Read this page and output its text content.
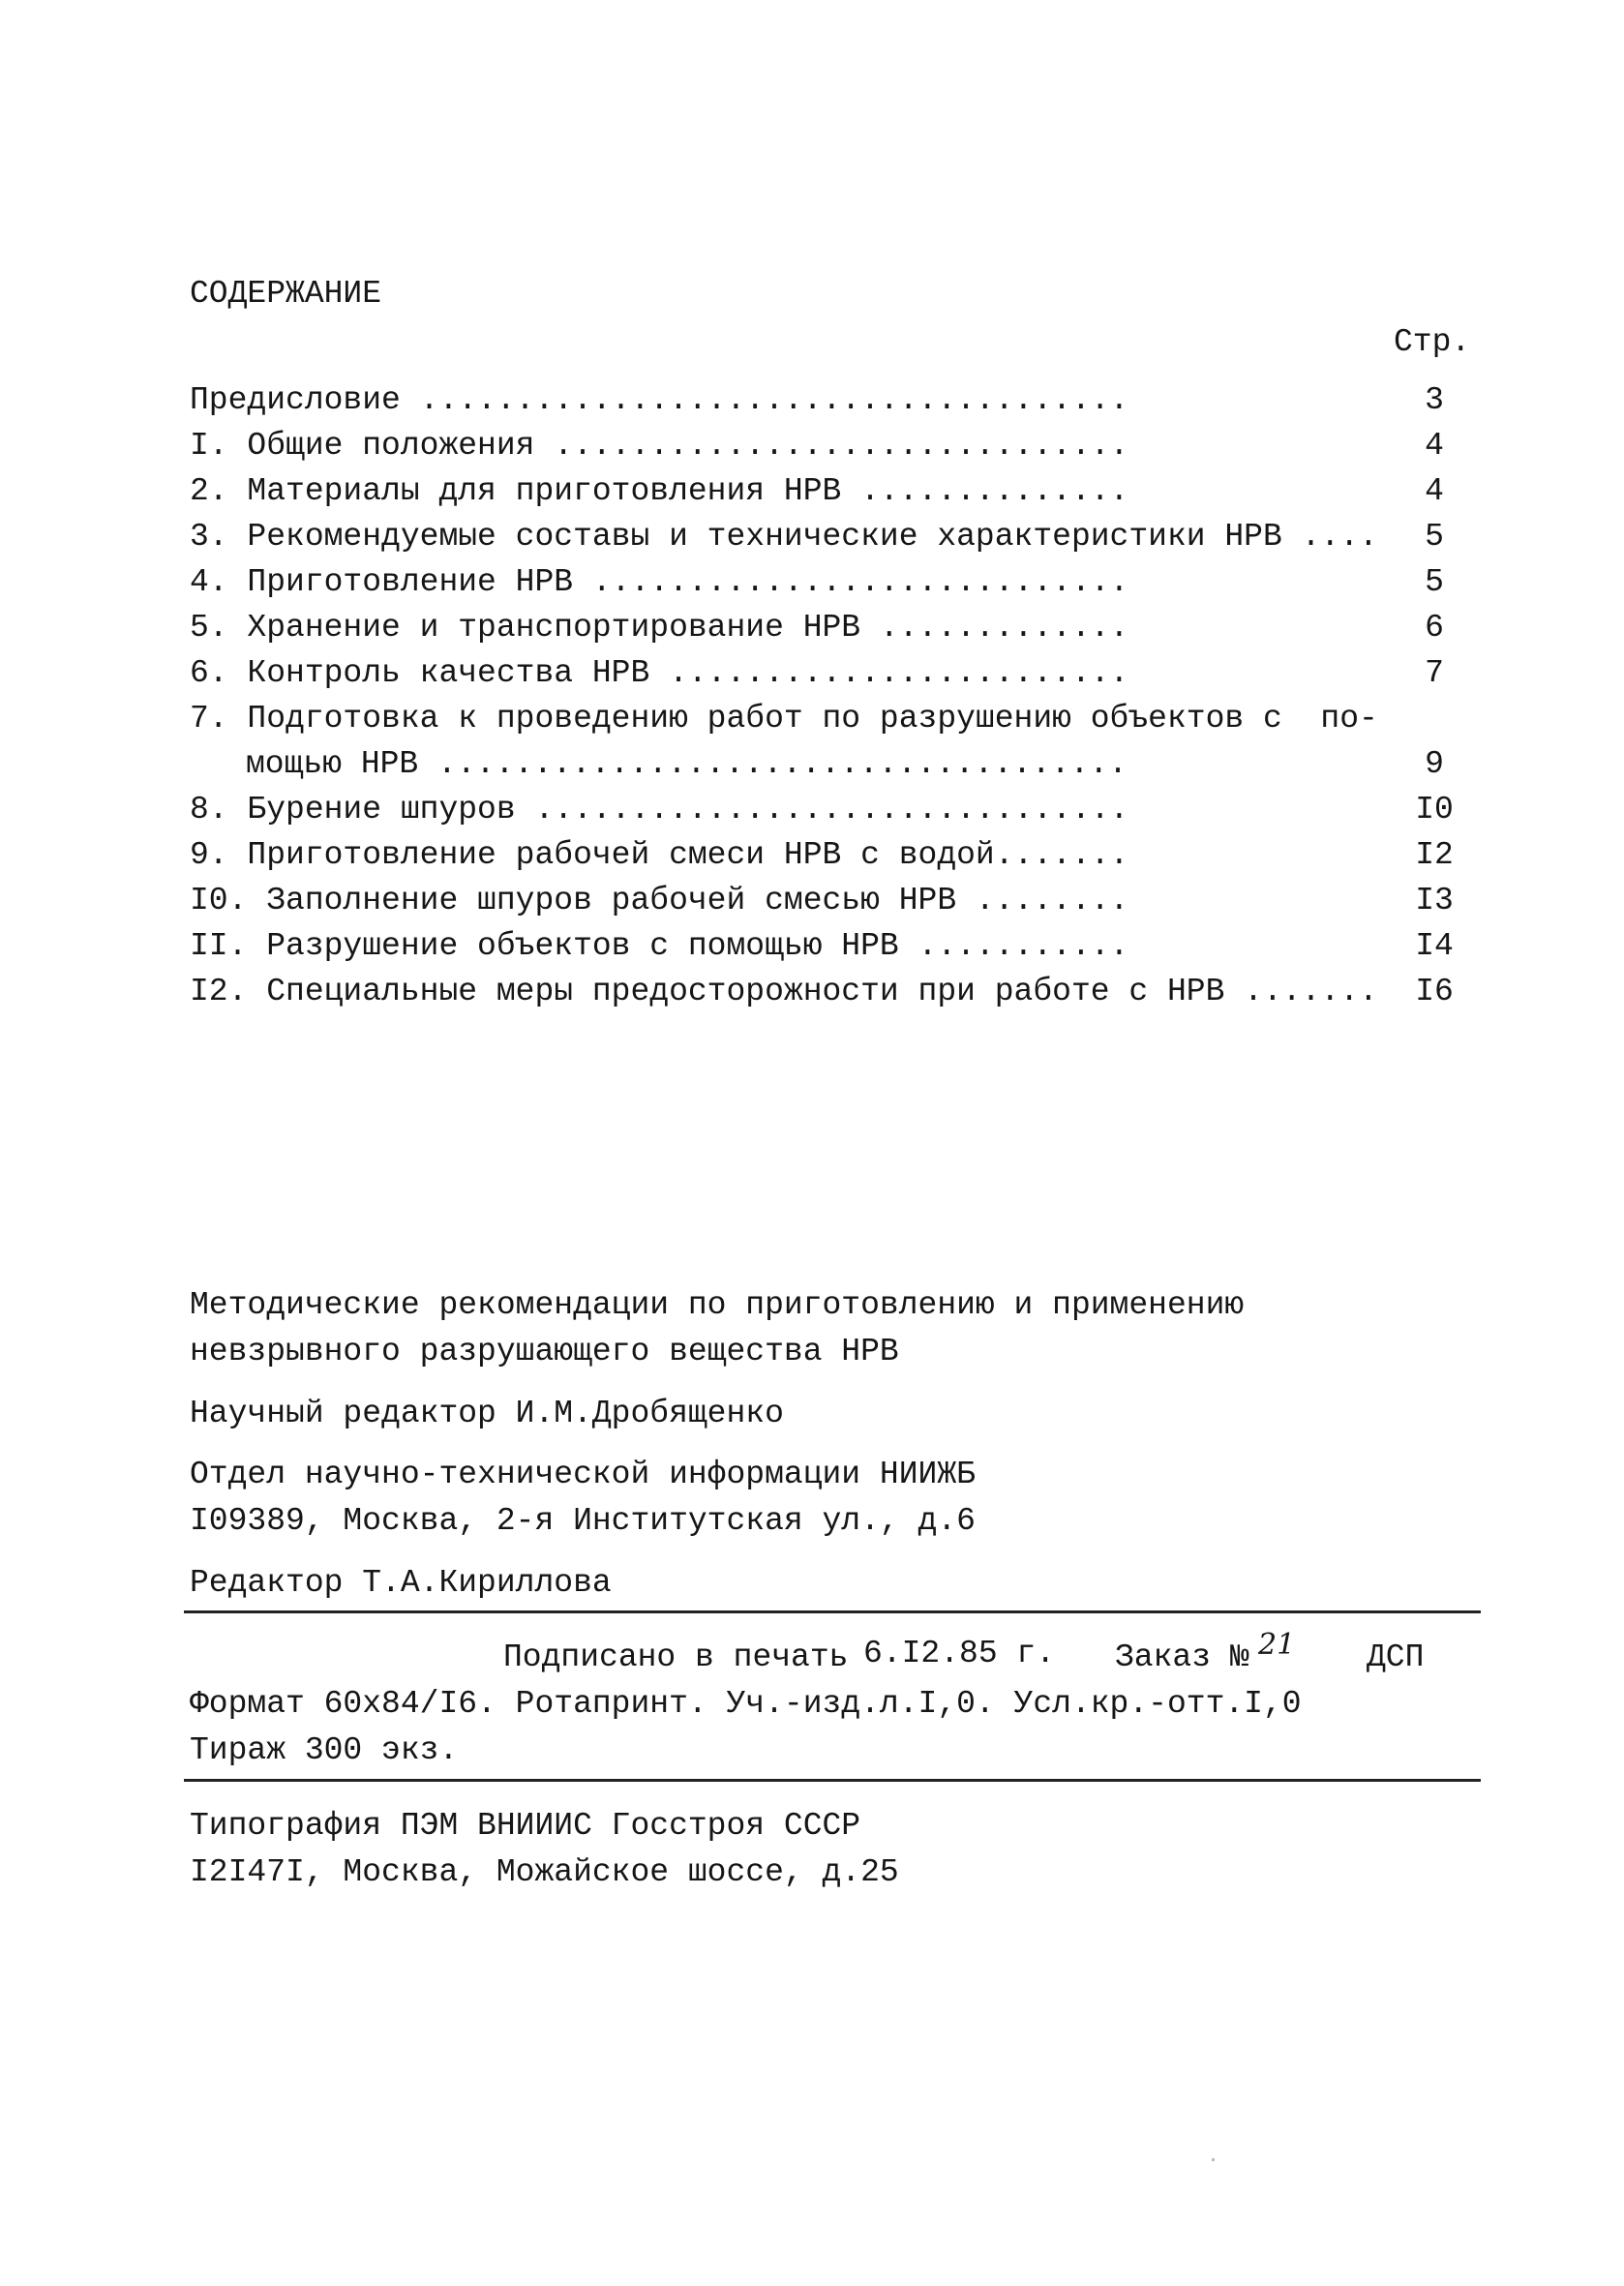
СОДЕРЖАНИЕ
Стр.
Предисловие .....................................	3
I. Общие положения ..............................	4
2. Материалы для приготовления НРВ ..............	4
3. Рекомендуемые составы и технические характеристики НРВ ....	5
4. Приготовление НРВ ............................	5
5. Хранение и транспортирование НРВ .............	6
6. Контроль качества НРВ ........................	7
7. Подготовка к проведению работ по разрушению объектов с  по-
мощью НРВ ....................................	9
8. Бурение шпуров ...............................	I0
9. Приготовление рабочей смеси НРВ с водой.......	I2
I0. Заполнение шпуров рабочей смесью НРВ ........	I3
II. Разрушение объектов с помощью НРВ ...........	I4
I2. Специальные меры предосторожности при работе с НРВ .......	I6
Методические рекомендации по приготовлению и применению
невзрывного разрушающего вещества НРВ
Научный редактор И.М.Дробященко
Отдел научно-технической информации НИИЖБ
I09389, Москва, 2-я Институтская ул., д.6
Редактор Т.А.Кириллова
Подписано в печать 6.I2.85 г. Заказ № 21 ДСП
Формат 60х84/I6. Ротапринт. Уч.-изд.л.I,0. Усл.кр.-отт.I,0
Тираж 300 экз.
Типография ПЭМ ВНИИИС Госстроя СССР
I2I47I, Москва, Можайское шоссе, д.25
